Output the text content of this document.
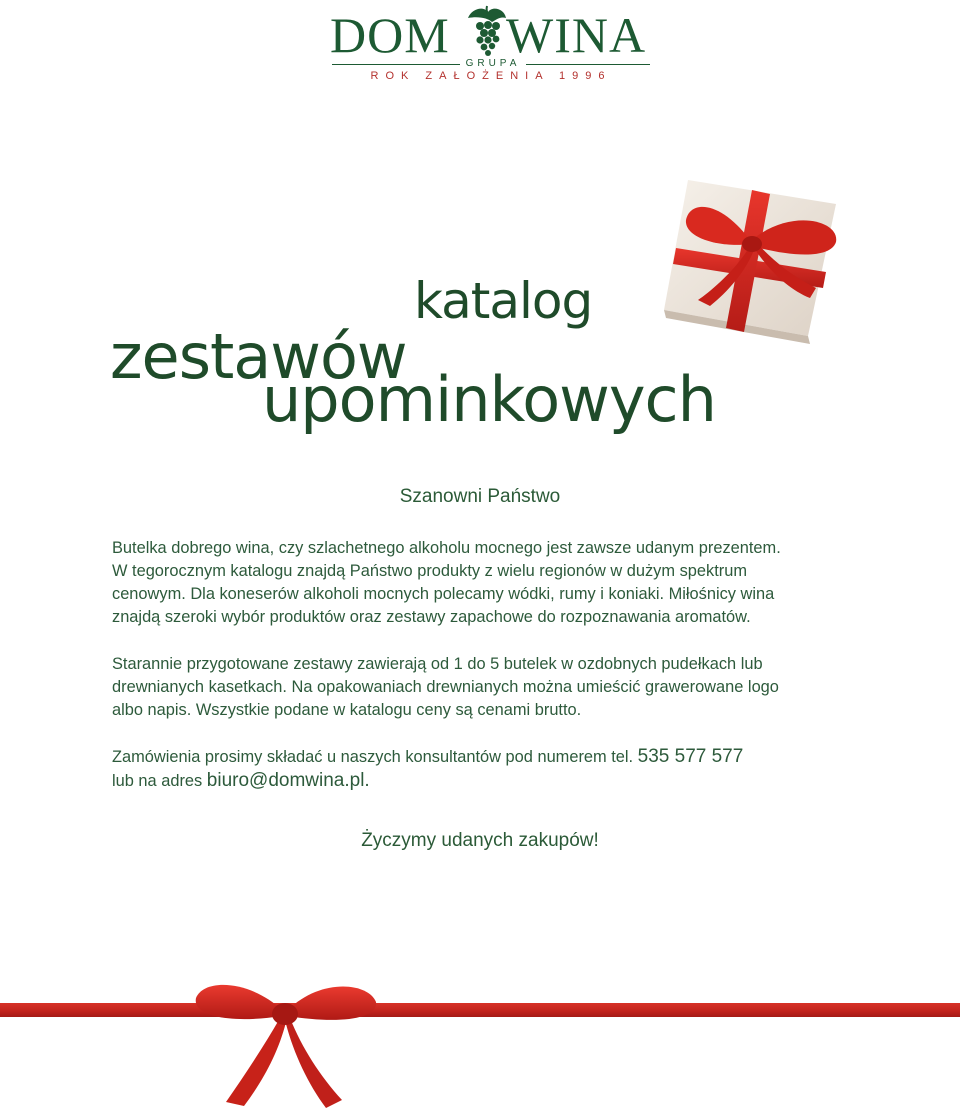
DOM WINA
GRUPA
ROK ZAŁOŻENIA 1996
katalog
zestawów
upominkowych
Szanowni Państwo
Butelka dobrego wina, czy szlachetnego alkoholu mocnego jest zawsze udanym prezentem.
W tegorocznym katalogu znajdą Państwo produkty z wielu regionów w dużym spektrum
cenowym. Dla koneserów alkoholi mocnych polecamy wódki, rumy i koniaki. Miłośnicy wina
znajdą szeroki wybór produktów oraz zestawy zapachowe do rozpoznawania aromatów.
Starannie przygotowane zestawy zawierają od 1 do 5 butelek w ozdobnych pudełkach lub
drewnianych kasetkach. Na opakowaniach drewnianych można umieścić grawerowane logo
albo napis. Wszystkie podane w katalogu ceny są cenami brutto.
Zamówienia prosimy składać u naszych konsultantów pod numerem tel. 535 577 577
lub na adres biuro@domwina.pl.
Życzymy udanych zakupów!
